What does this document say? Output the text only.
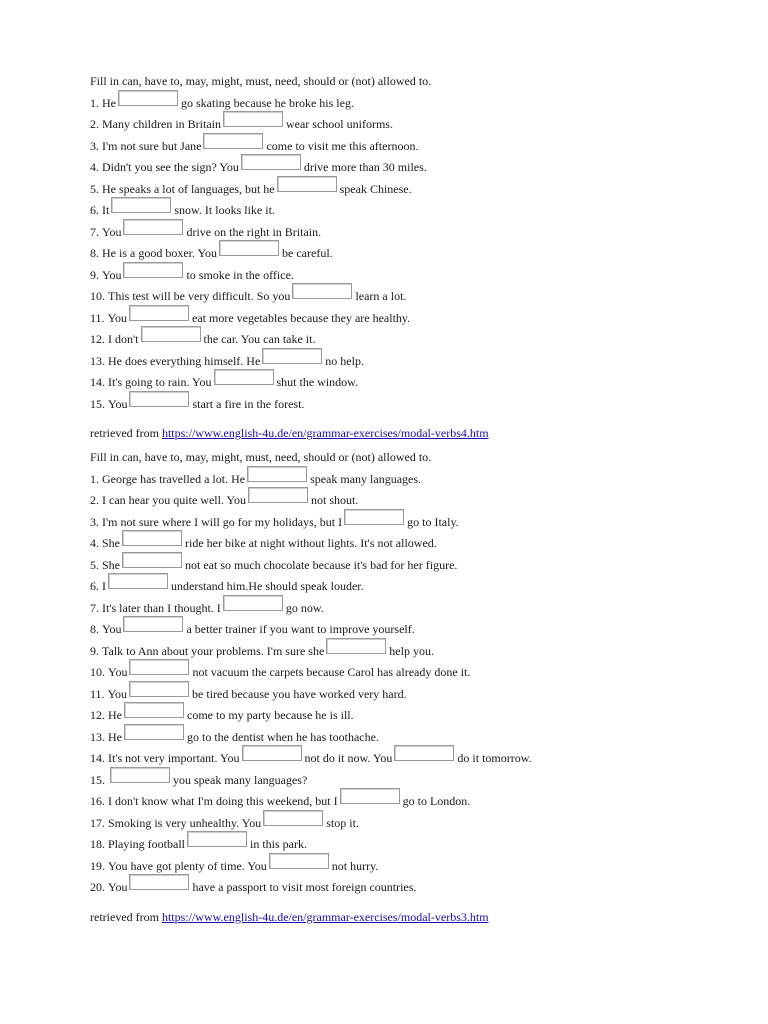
Fill in can, have to, may, might, must, need, should or (not) allowed to.
1. He	go skating because he broke his leg.
2. Many children in Britain	wear school uniforms.
3. I'm not sure but Jane	come to visit me this afternoon.
4. Didn't you see the sign? You	drive more than 30 miles.
5. He speaks a lot of languages, but he	speak Chinese.
6. It	snow. It looks like it.
7. You	drive on the right in Britain.
8. He is a good boxer. You	be careful.
9. You	to smoke in the office.
10. This test will be very difficult. So you	learn a lot.
11. You	eat more vegetables because they are healthy.
12. I don't	the car. You can take it.
13. He does everything himself. He	no help.
14. It's going to rain. You	shut the window.
15. You	start a fire in the forest.
retrieved from https://www.english-4u.de/en/grammar-exercises/modal-verbs4.htm
Fill in can, have to, may, might, must, need, should or (not) allowed to.
1. George has travelled a lot. He	speak many languages.
2. I can hear you quite well. You	not shout.
3. I'm not sure where I will go for my holidays, but I	go to Italy.
4. She	ride her bike at night without lights. It's not allowed.
5. She	not eat so much chocolate because it's bad for her figure.
6. I	understand him.He should speak louder.
7. It's later than I thought. I	go now.
8. You	a better trainer if you want to improve yourself.
9. Talk to Ann about your problems. I'm sure she	help you.
10. You	not vacuum the carpets because Carol has already done it.
11. You	be tired because you have worked very hard.
12. He	come to my party because he is ill.
13. He	go to the dentist when he has toothache.
14. It's not very important. You	not do it now. You	do it tomorrow.
15.	you speak many languages?
16. I don't know what I'm doing this weekend, but I	go to London.
17. Smoking is very unhealthy. You	stop it.
18. Playing football	in this park.
19. You have got plenty of time. You	not hurry.
20. You	have a passport to visit most foreign countries.
retrieved from https://www.english-4u.de/en/grammar-exercises/modal-verbs3.htm
